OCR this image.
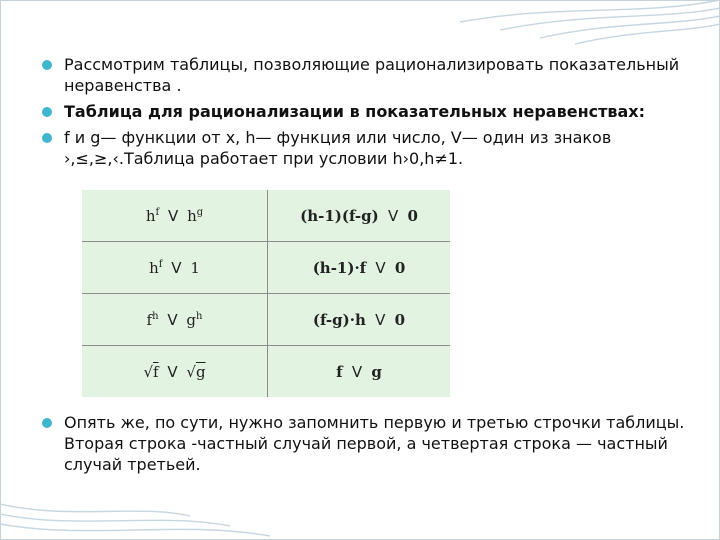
Рассмотрим таблицы, позволяющие рационализировать показательный неравенства .
Таблица для рационализации в показательных неравенствах:
f и g— функции от x, h— функция или число, V— один из знаков
›,≤,≥,‹.Таблица работает при условии h›0,h≠1.
Опять же, по сути, нужно запомнить первую и третью строчки таблицы. Вторая строка -частный случай первой, а четвертая строка — частный случай третьей.
$h^f$ V $h^g$	(h-1)(f-g) V 0
$h^f$ V 1	(h-1)·f V 0
$f^h$ V $g^h$	(f-g)·h V 0
√f V √g	f V g
